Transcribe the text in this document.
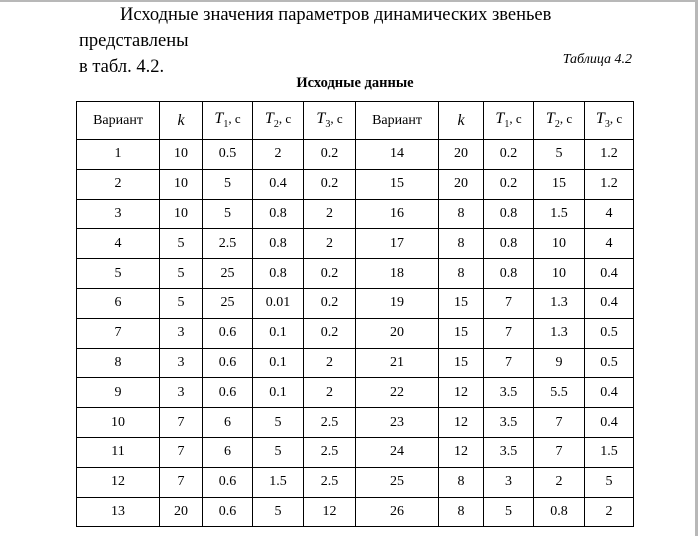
Исходные значения параметров динамических звеньев представлены
в табл. 4.2.	Таблица 4.2
Исходные данные
Вариант	k	$T_1$, с	$T_2$, с	$T_3$, с	Вариант	k	$T_1$, с	$T_2$, с	$T_3$, с
1	10	0.5	2	0.2	14	20	0.2	5	1.2
2	10	5	0.4	0.2	15	20	0.2	15	1.2
3	10	5	0.8	2	16	8	0.8	1.5	4
4	5	2.5	0.8	2	17	8	0.8	10	4
5	5	25	0.8	0.2	18	8	0.8	10	0.4
6	5	25	0.01	0.2	19	15	7	1.3	0.4
7	3	0.6	0.1	0.2	20	15	7	1.3	0.5
8	3	0.6	0.1	2	21	15	7	9	0.5
9	3	0.6	0.1	2	22	12	3.5	5.5	0.4
10	7	6	5	2.5	23	12	3.5	7	0.4
11	7	6	5	2.5	24	12	3.5	7	1.5
12	7	0.6	1.5	2.5	25	8	3	2	5
13	20	0.6	5	12	26	8	5	0.8	2
